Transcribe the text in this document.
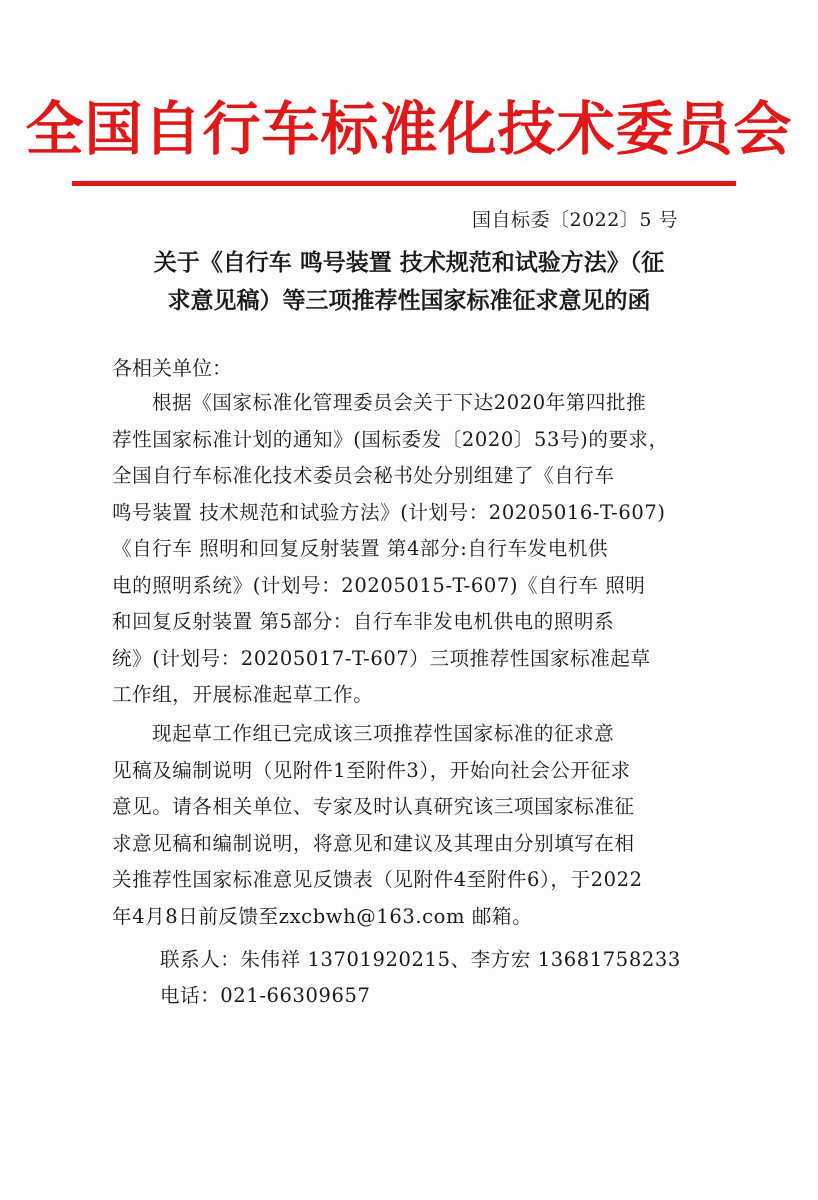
全国自行车标准化技术委员会
国自标委〔2022〕5 号
关于《自行车 鸣号装置 技术规范和试验方法》（征
求意见稿）等三项推荐性国家标准征求意见的函
各相关单位：
根据《国家标准化管理委员会关于下达2020年第四批推
荐性国家标准计划的通知》(国标委发〔2020〕53号)的要求，
全国自行车标准化技术委员会秘书处分别组建了《自行车
鸣号装置 技术规范和试验方法》(计划号：20205016-T-607)
《自行车 照明和回复反射装置 第4部分:自行车发电机供
电的照明系统》(计划号：20205015-T-607)《自行车 照明
和回复反射装置 第5部分：自行车非发电机供电的照明系
统》(计划号：20205017-T-607）三项推荐性国家标准起草
工作组，开展标准起草工作。
现起草工作组已完成该三项推荐性国家标准的征求意
见稿及编制说明（见附件1至附件3），开始向社会公开征求
意见。请各相关单位、专家及时认真研究该三项国家标准征
求意见稿和编制说明，将意见和建议及其理由分别填写在相
关推荐性国家标准意见反馈表（见附件4至附件6），于2022
年4月8日前反馈至zxcbwh@163.com 邮箱。
联系人：朱伟祥 13701920215、李方宏 13681758233
电话：021-66309657
